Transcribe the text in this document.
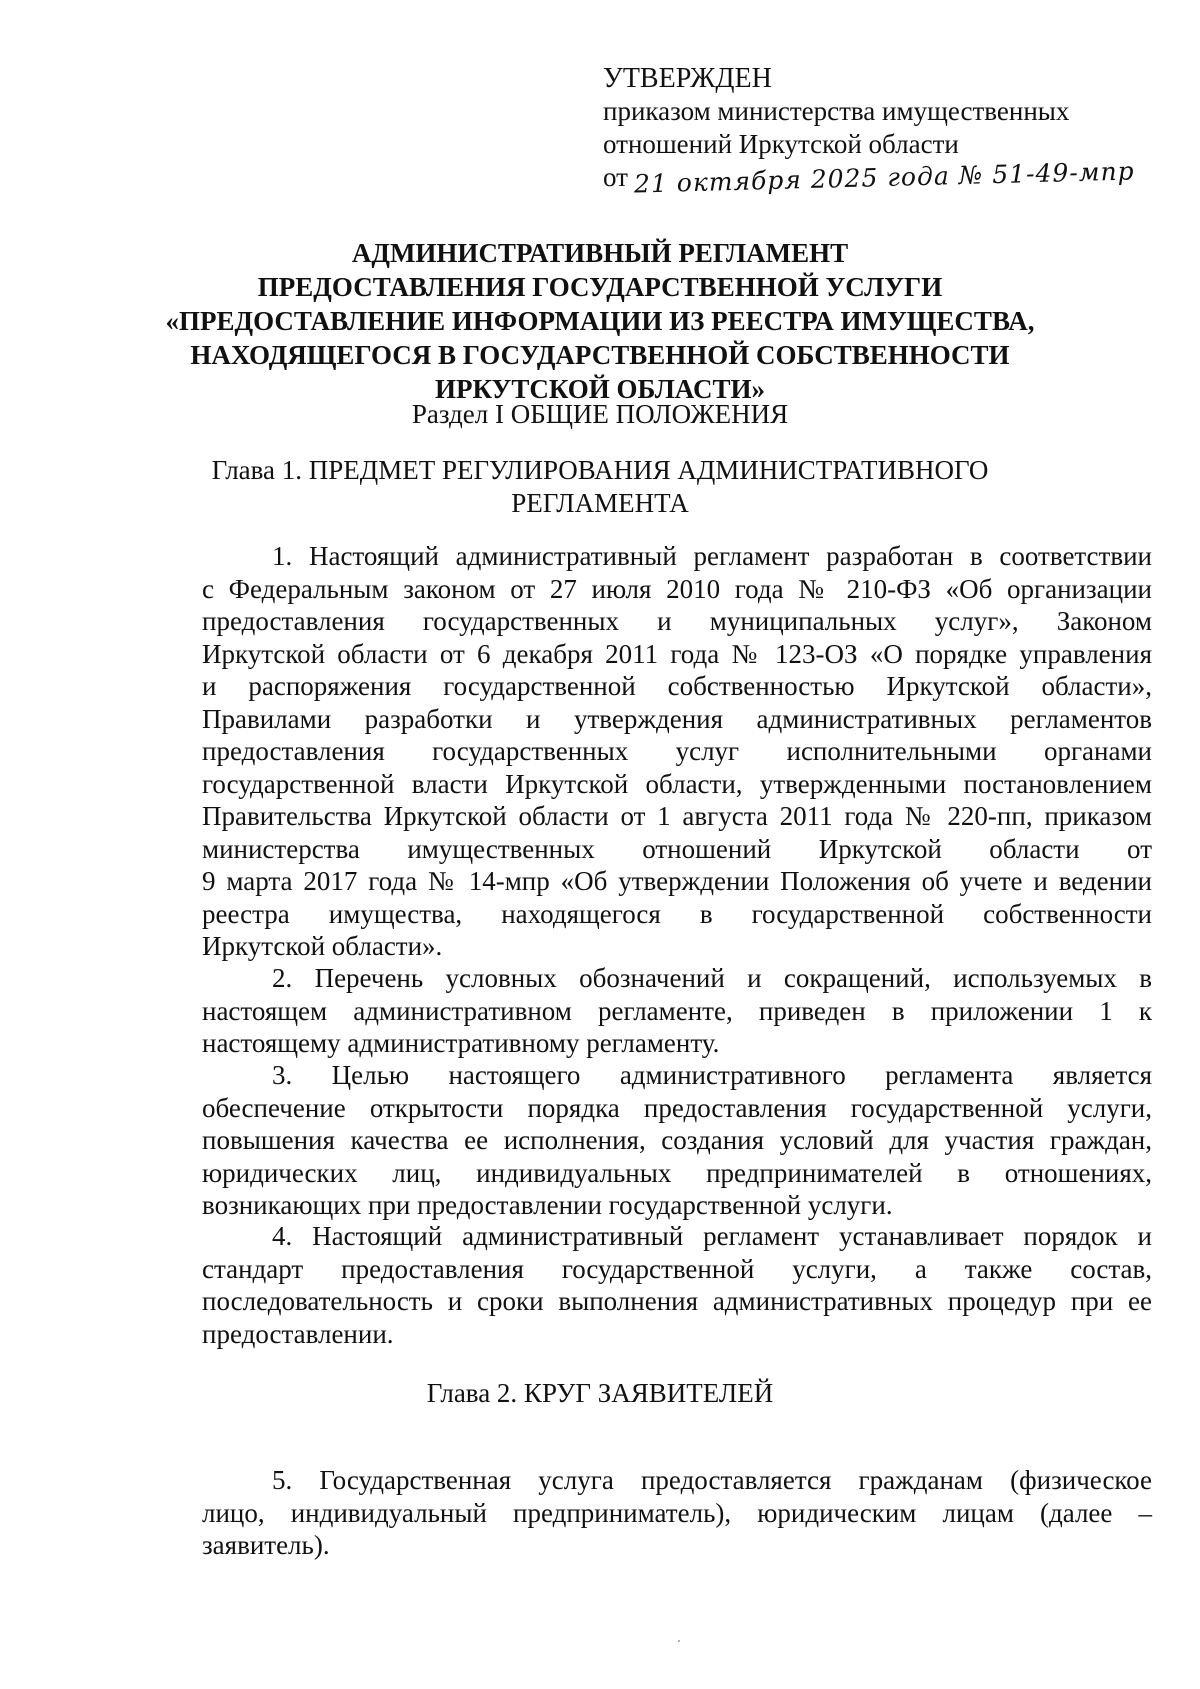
УТВЕРЖДЕН
приказом министерства имущественных
отношений Иркутской области
от 21 октября 2025 года № 51-49-мпр
АДМИНИСТРАТИВНЫЙ РЕГЛАМЕНТ
ПРЕДОСТАВЛЕНИЯ ГОСУДАРСТВЕННОЙ УСЛУГИ
«ПРЕДОСТАВЛЕНИЕ ИНФОРМАЦИИ ИЗ РЕЕСТРА ИМУЩЕСТВА,
НАХОДЯЩЕГОСЯ В ГОСУДАРСТВЕННОЙ СОБСТВЕННОСТИ
ИРКУТСКОЙ ОБЛАСТИ»
Раздел I ОБЩИЕ ПОЛОЖЕНИЯ
Глава 1. ПРЕДМЕТ РЕГУЛИРОВАНИЯ АДМИНИСТРАТИВНОГО
РЕГЛАМЕНТА
1. Настоящий административный регламент разработан в соответствии
с Федеральным законом от 27 июля 2010 года № 210-ФЗ «Об организации
предоставления государственных и муниципальных услуг», Законом
Иркутской области от 6 декабря 2011 года № 123-ОЗ «О порядке управления
и распоряжения государственной собственностью Иркутской области»,
Правилами разработки и утверждения административных регламентов
предоставления государственных услуг исполнительными органами
государственной власти Иркутской области, утвержденными постановлением
Правительства Иркутской области от 1 августа 2011 года № 220-пп, приказом
министерства имущественных отношений Иркутской области от
9 марта 2017 года № 14-мпр «Об утверждении Положения об учете и ведении
реестра имущества, находящегося в государственной собственности
Иркутской области».
2. Перечень условных обозначений и сокращений, используемых в
настоящем административном регламенте, приведен в приложении 1 к
настоящему административному регламенту.
3. Целью настоящего административного регламента является
обеспечение открытости порядка предоставления государственной услуги,
повышения качества ее исполнения, создания условий для участия граждан,
юридических лиц, индивидуальных предпринимателей в отношениях,
возникающих при предоставлении государственной услуги.
4. Настоящий административный регламент устанавливает порядок и
стандарт предоставления государственной услуги, а также состав,
последовательность и сроки выполнения административных процедур при ее
предоставлении.
Глава 2. КРУГ ЗАЯВИТЕЛЕЙ
5. Государственная услуга предоставляется гражданам (физическое
лицо, индивидуальный предприниматель), юридическим лицам (далее –
заявитель).
